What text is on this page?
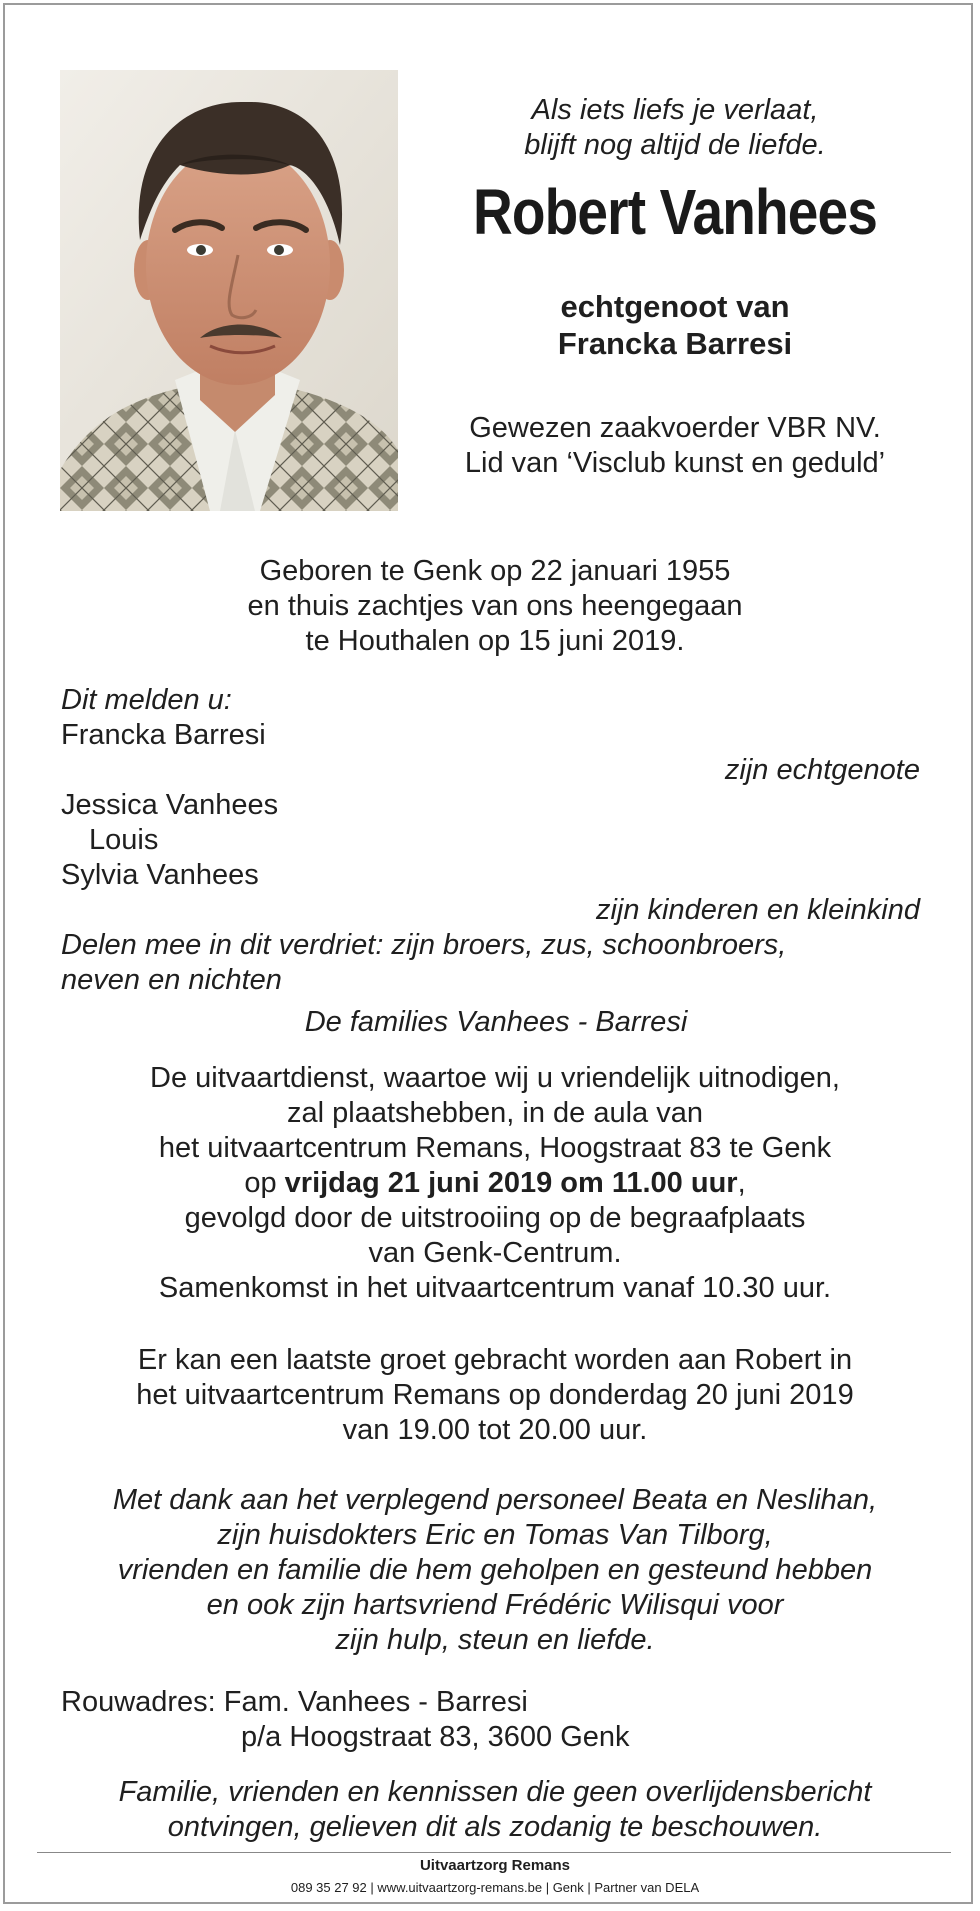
Als iets liefs je verlaat,
blijft nog altijd de liefde.
Robert Vanhees
echtgenoot van
Francka Barresi
Gewezen zaakvoerder VBR NV.
Lid van ‘Visclub kunst en geduld’
Geboren te Genk op 22 januari 1955
en thuis zachtjes van ons heengegaan
te Houthalen op 15 juni 2019.
Dit melden u:
Francka Barresi
zijn echtgenote
Jessica Vanhees
Louis
Sylvia Vanhees
zijn kinderen en kleinkind
Delen mee in dit verdriet: zijn broers, zus, schoonbroers,
neven en nichten
De families Vanhees - Barresi
De uitvaartdienst, waartoe wij u vriendelijk uitnodigen,
zal plaatshebben, in de aula van
het uitvaartcentrum Remans, Hoogstraat 83 te Genk
op vrijdag 21 juni 2019 om 11.00 uur,
gevolgd door de uitstrooiing op de begraafplaats
van Genk-Centrum.
Samenkomst in het uitvaartcentrum vanaf 10.30 uur.
Er kan een laatste groet gebracht worden aan Robert in
het uitvaartcentrum Remans op donderdag 20 juni 2019
van 19.00 tot 20.00 uur.
Met dank aan het verplegend personeel Beata en Neslihan,
zijn huisdokters Eric en Tomas Van Tilborg,
vrienden en familie die hem geholpen en gesteund hebben
en ook zijn hartsvriend Frédéric Wilisqui voor
zijn hulp, steun en liefde.
Rouwadres: Fam. Vanhees - Barresi
p/a Hoogstraat 83, 3600 Genk
Familie, vrienden en kennissen die geen overlijdensbericht
ontvingen, gelieven dit als zodanig te beschouwen.
Uitvaartzorg Remans
089 35 27 92 | www.uitvaartzorg-remans.be | Genk | Partner van DELA
